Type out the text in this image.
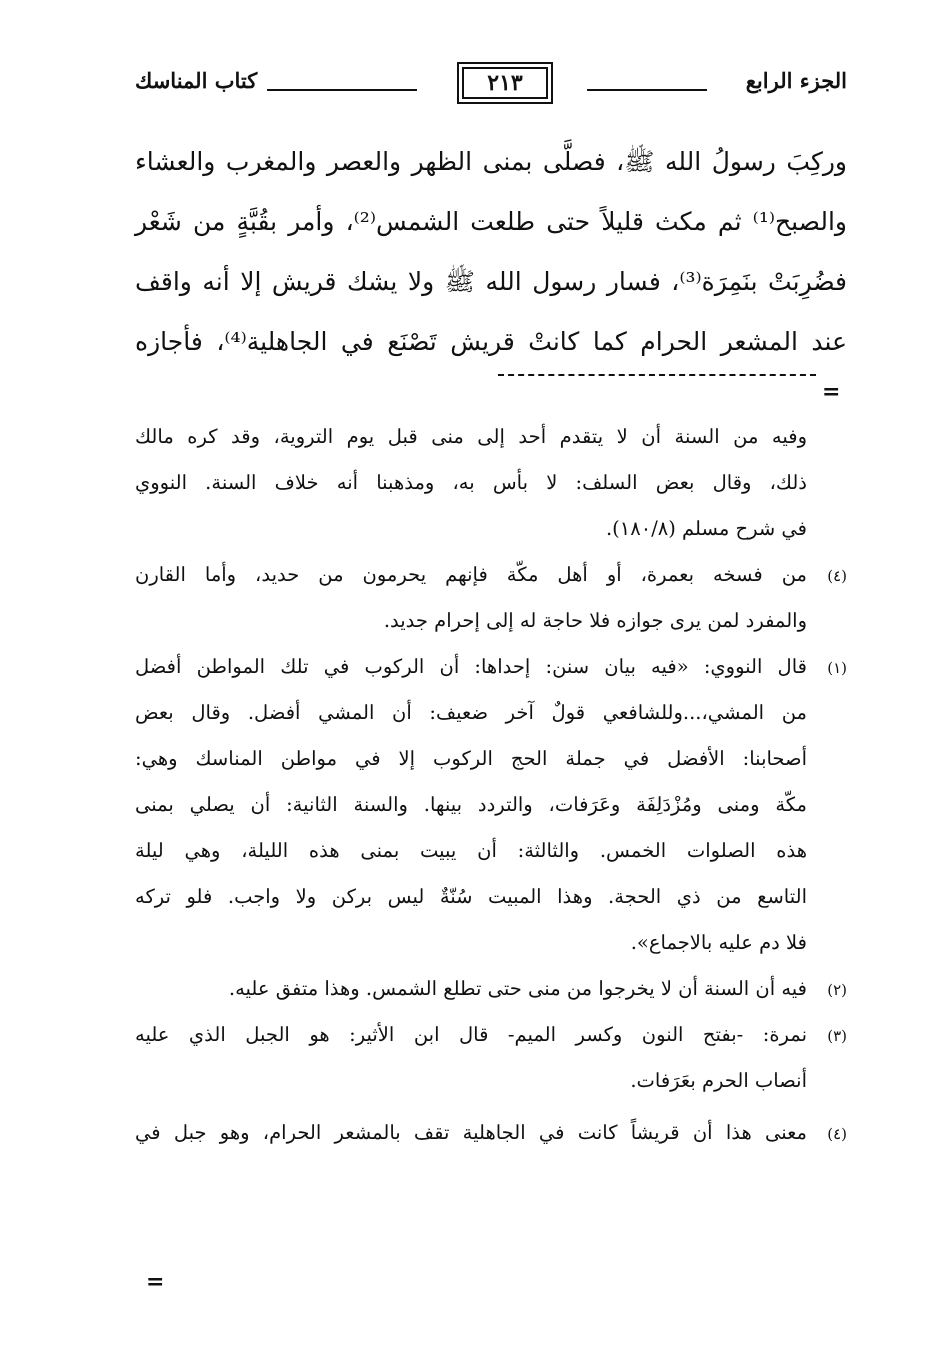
الجزء الرابع
٢١٣
كتاب المناسك
وركِبَ رسولُ الله ﷺ، فصلَّى بمنى الظهر والعصر والمغرب والعشاء
والصبح⁽¹⁾ ثم مكث قليلاً حتى طلعت الشمس⁽²⁾، وأمر بقُبَّةٍ من شَعْر
فضُرِبَتْ بنَمِرَة⁽³⁾، فسار رسول الله ﷺ ولا يشك قريش إلا أنه واقف
عند المشعر الحرام كما كانتْ قريش تَصْنَع في الجاهلية⁽⁴⁾، فأجازه
=
وفيه من السنة أن لا يتقدم أحد إلى منى قبل يوم التروية، وقد كره مالك
ذلك، وقال بعض السلف: لا بأس به، ومذهبنا أنه خلاف السنة. النووي
في شرح مسلم (١٨٠/٨).
(٤)من فسخه بعمرة، أو أهل مكّة فإنهم يحرمون من حديد، وأما القارن
والمفرد لمن يرى جوازه فلا حاجة له إلى إحرام جديد.
(١)قال النووي: «فيه بيان سنن: إحداها: أن الركوب في تلك المواطن أفضل
من المشي،...وللشافعي قولٌ آخر ضعيف: أن المشي أفضل. وقال بعض
أصحابنا: الأفضل في جملة الحج الركوب إلا في مواطن المناسك وهي:
مكّة ومنى ومُزْدَلِفَة وعَرَفات، والتردد بينها. والسنة الثانية: أن يصلي بمنى
هذه الصلوات الخمس. والثالثة: أن يبيت بمنى هذه الليلة، وهي ليلة
التاسع من ذي الحجة. وهذا المبيت سُنّةٌ ليس بركن ولا واجب. فلو تركه
فلا دم عليه بالاجماع».
(٢)فيه أن السنة أن لا يخرجوا من منى حتى تطلع الشمس. وهذا متفق عليه.
(٣)نمرة: -بفتح النون وكسر الميم- قال ابن الأثير: هو الجبل الذي عليه
أنصاب الحرم بعَرَفات.
(٤)معنى هذا أن قريشاً كانت في الجاهلية تقف بالمشعر الحرام، وهو جبل في
=
